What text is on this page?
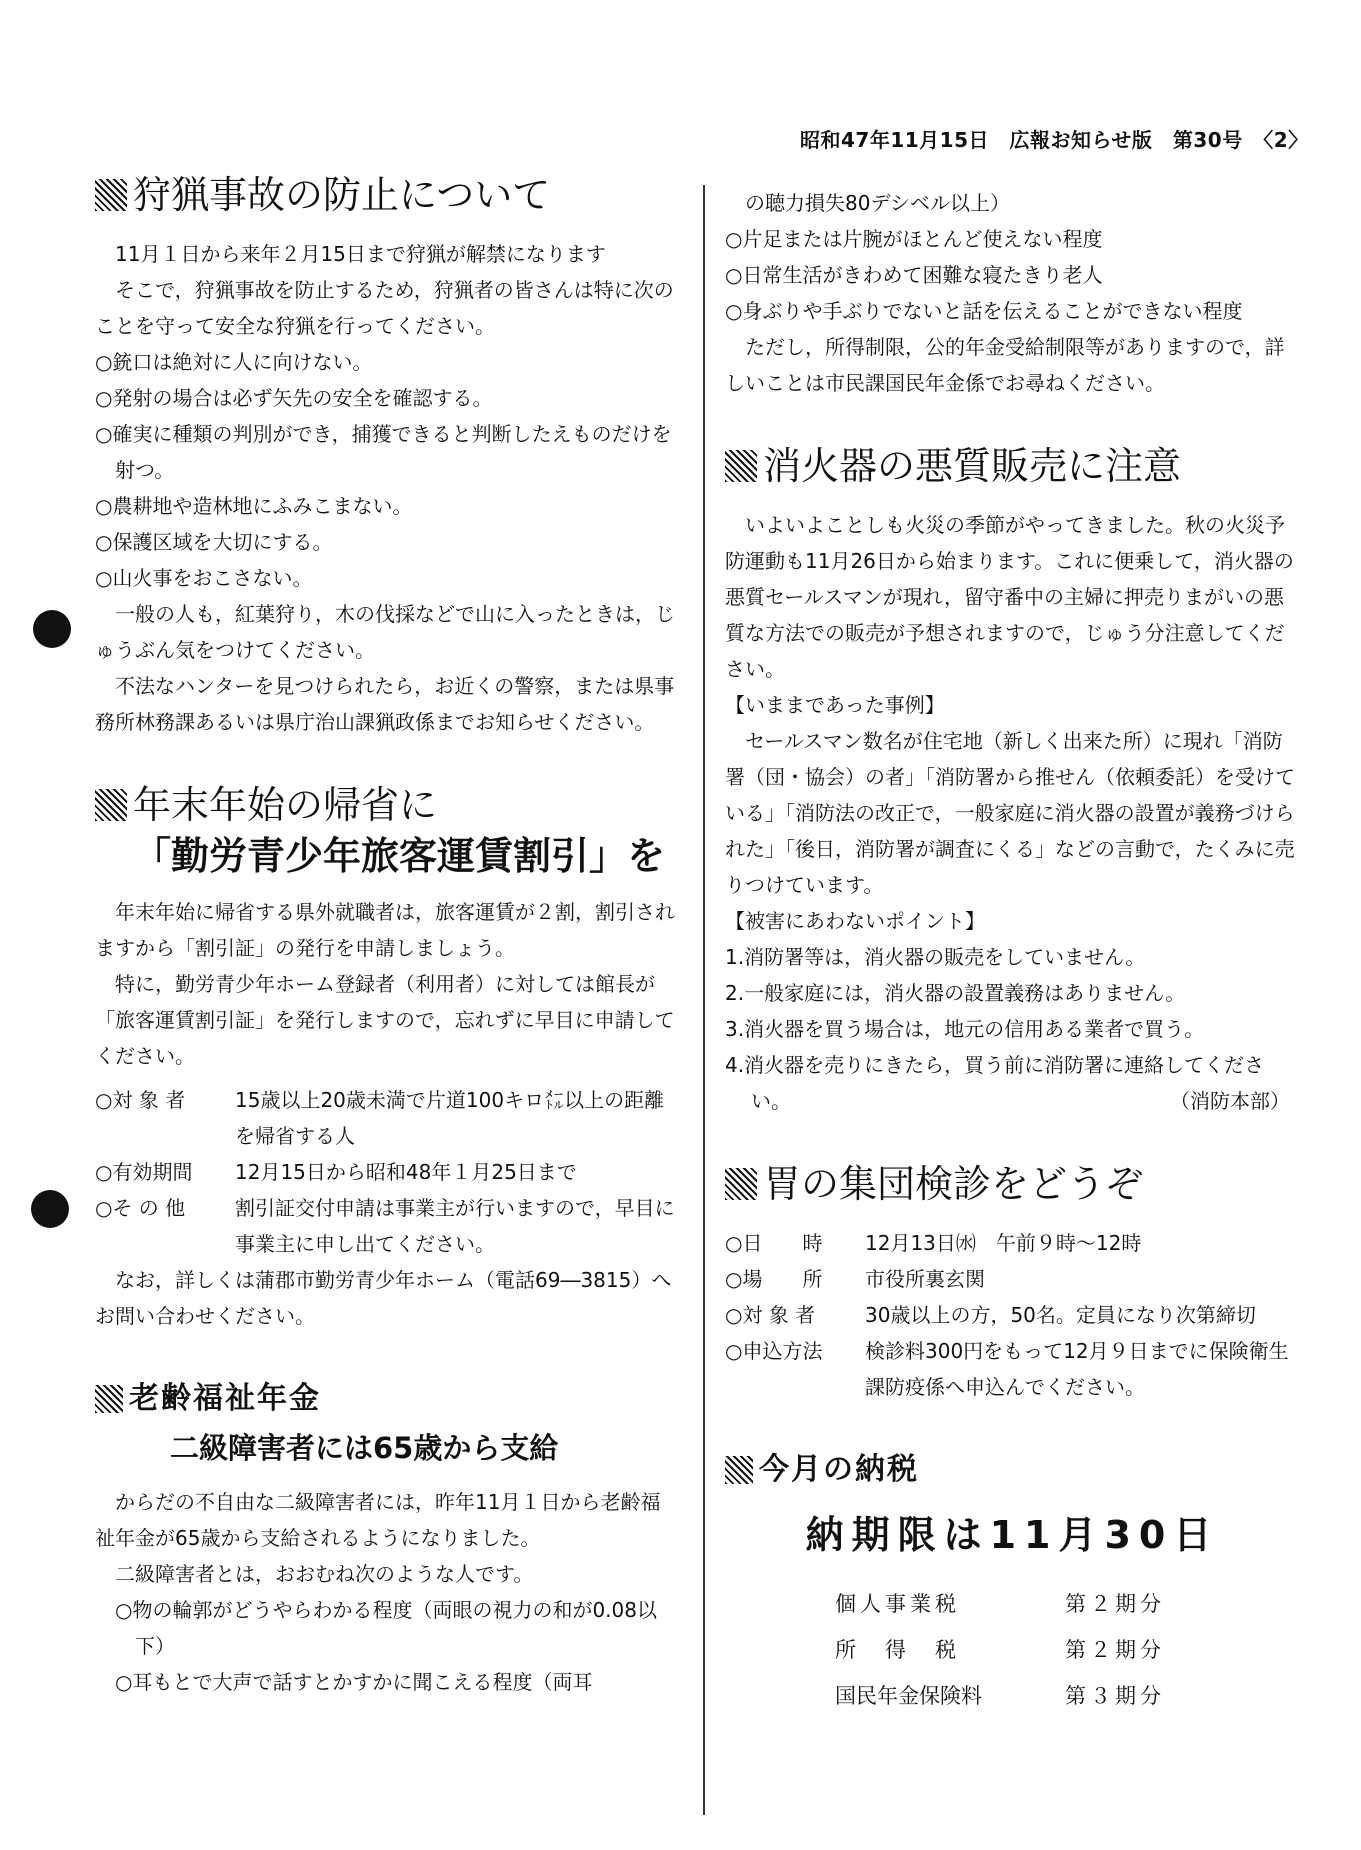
昭和47年11月15日　広報お知らせ版　第30号　〈2〉
狩猟事故の防止について

11月１日から来年２月15日まで狩猟が解禁になります

そこで，狩猟事故を防止するため，狩猟者の皆さんは特に次のことを守って安全な狩猟を行ってください。

○銃口は絶対に人に向けない。

○発射の場合は必ず矢先の安全を確認する。

○確実に種類の判別ができ，捕獲できると判断したえものだけを射つ。

○農耕地や造林地にふみこまない。

○保護区域を大切にする。

○山火事をおこさない。

一般の人も，紅葉狩り，木の伐採などで山に入ったときは，じゅうぶん気をつけてください。

不法なハンターを見つけられたら，お近くの警察，または県事務所林務課あるいは県庁治山課猟政係までお知らせください。

年末年始の帰省に
「勤労青少年旅客運賃割引」を

年末年始に帰省する県外就職者は，旅客運賃が２割，割引されますから「割引証」の発行を申請しましょう。

特に，勤労青少年ホーム登録者（利用者）に対しては館長が「旅客運賃割引証」を発行しますので，忘れずに早目に申請してください。

○対 象 者	15歳以上20歳未満で片道100キロ㍍以上の距離を帰省する人
○有効期間	12月15日から昭和48年１月25日まで
○そ の 他	割引証交付申請は事業主が行いますので，早目に事業主に申し出てください。

なお，詳しくは蒲郡市勤労青少年ホーム（電話69―3815）へお問い合わせください。

老齢福祉年金
二級障害者には65歳から支給

からだの不自由な二級障害者には，昨年11月１日から老齢福祉年金が65歳から支給されるようになりました。

二級障害者とは，おおむね次のような人です。

○物の輪郭がどうやらわかる程度（両眼の視力の和が0.08以下）

○耳もとで大声で話すとかすかに聞こえる程度（両耳

の聴力損失80デシベル以上）

○片足または片腕がほとんど使えない程度

○日常生活がきわめて困難な寝たきり老人

○身ぶりや手ぶりでないと話を伝えることができない程度

ただし，所得制限，公的年金受給制限等がありますので，詳しいことは市民課国民年金係でお尋ねください。

消火器の悪質販売に注意

いよいよことしも火災の季節がやってきました。秋の火災予防運動も11月26日から始まります。これに便乗して，消火器の悪質セールスマンが現れ，留守番中の主婦に押売りまがいの悪質な方法での販売が予想されますので，じゅう分注意してください。

【いままであった事例】

セールスマン数名が住宅地（新しく出来た所）に現れ「消防署（団・協会）の者」「消防署から推せん（依頼委託）を受けている」「消防法の改正で，一般家庭に消火器の設置が義務づけられた」「後日，消防署が調査にくる」などの言動で，たくみに売りつけています。

【被害にあわないポイント】

1.消防署等は，消火器の販売をしていません。

2.一般家庭には，消火器の設置義務はありません。

3.消火器を買う場合は，地元の信用ある業者で買う。

4.消火器を売りにきたら，買う前に消防署に連絡してください。	（消防本部）
胃の集団検診をどうぞ
○日　　時	12月13日㈬　午前９時～12時
○場　　所	市役所裏玄関
○対 象 者	30歳以上の方，50名。定員になり次第締切
○申込方法	検診料300円をもって12月９日までに保険衛生課防疫係へ申込んでください。
今月の納税
納期限は11月30日
個人事業税	第２期分
所　得　税	第２期分
国民年金保険料	第３期分
